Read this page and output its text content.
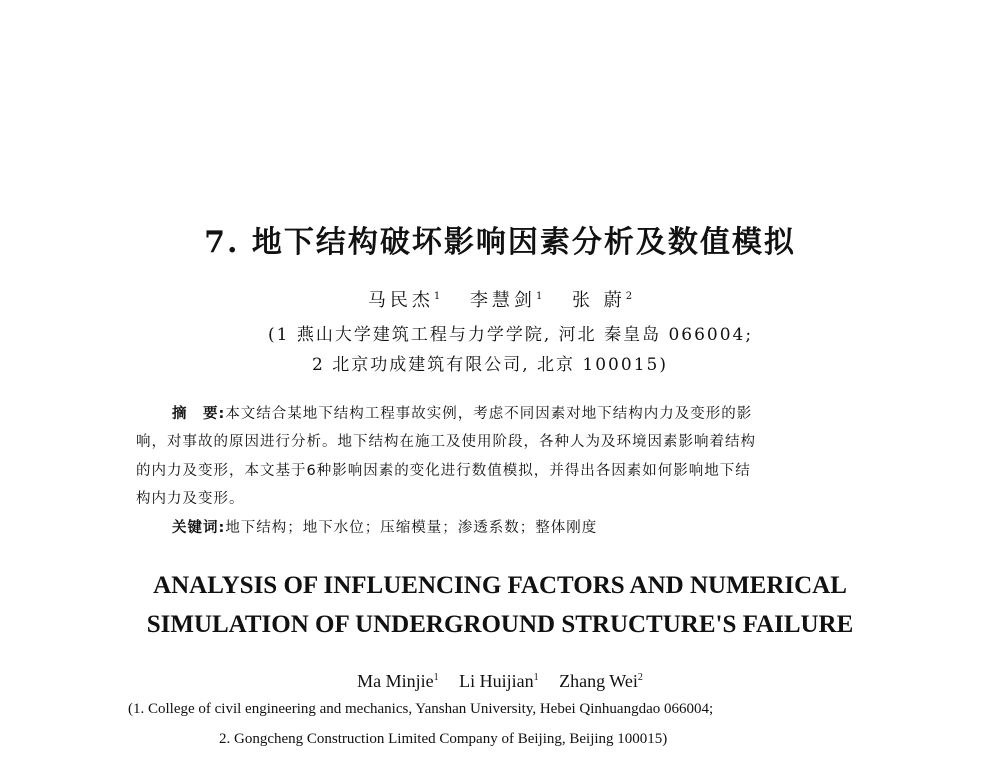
7. 地下结构破坏影响因素分析及数值模拟
马民杰$^1$ 李慧剑$^1$ 张 蔚$^2$
(1 燕山大学建筑工程与力学学院, 河北 秦皇岛 066004;
2 北京功成建筑有限公司, 北京 100015)
摘　要:本文结合某地下结构工程事故实例，考虑不同因素对地下结构内力及变形的影
响，对事故的原因进行分析。地下结构在施工及使用阶段，各种人为及环境因素影响着结构
的内力及变形，本文基于6种影响因素的变化进行数值模拟，并得出各因素如何影响地下结
构内力及变形。
关键词:地下结构；地下水位；压缩模量；渗透系数；整体刚度
ANALYSIS OF INFLUENCING FACTORS AND NUMERICAL
SIMULATION OF UNDERGROUND STRUCTURE'S FAILURE
Ma Minjie$^1$ Li Huijian$^1$ Zhang Wei$^2$
(1. College of civil engineering and mechanics, Yanshan University, Hebei Qinhuangdao 066004;
2. Gongcheng Construction Limited Company of Beijing, Beijing 100015)
